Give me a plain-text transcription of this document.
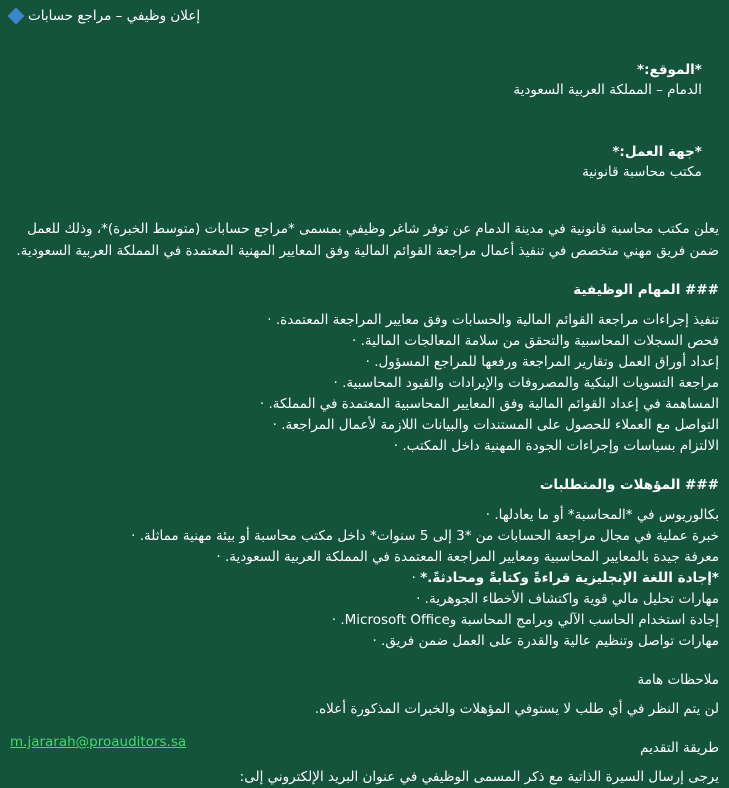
إعلان وظيفي – مراجع حسابات

*الموقع:*
الدمام – المملكة العربية السعودية

*جهة العمل:*
مكتب محاسبة قانونية

يعلن مكتب محاسبة قانونية في مدينة الدمام عن توفر شاغر وظيفي بمسمى *مراجع حسابات (متوسط الخبرة)*، وذلك للعمل ضمن فريق مهني متخصص في تنفيذ أعمال مراجعة القوائم المالية وفق المعايير المهنية المعتمدة في المملكة العربية السعودية.
### المهام الوظيفية
تنفيذ إجراءات مراجعة القوائم المالية والحسابات وفق معايير المراجعة المعتمدة. ·
فحص السجلات المحاسبية والتحقق من سلامة المعالجات المالية. ·
إعداد أوراق العمل وتقارير المراجعة ورفعها للمراجع المسؤول. ·
مراجعة التسويات البنكية والمصروفات والإيرادات والقيود المحاسبية. ·
المساهمة في إعداد القوائم المالية وفق المعايير المحاسبية المعتمدة في المملكة. ·
التواصل مع العملاء للحصول على المستندات والبيانات اللازمة لأعمال المراجعة. ·
الالتزام بسياسات وإجراءات الجودة المهنية داخل المكتب. ·
### المؤهلات والمتطلبات
بكالوريوس في *المحاسبة* أو ما يعادلها. ·
خبرة عملية في مجال مراجعة الحسابات من *3 إلى 5 سنوات* داخل مكتب محاسبة أو بيئة مهنية مماثلة. ·
معرفة جيدة بالمعايير المحاسبية ومعايير المراجعة المعتمدة في المملكة العربية السعودية. ·
*إجادة اللغة الإنجليزية قراءةً وكتابةً ومحادثةً.* ·
مهارات تحليل مالي قوية واكتشاف الأخطاء الجوهرية. ·
إجادة استخدام الحاسب الآلي وبرامج المحاسبة وMicrosoft Office. ·
مهارات تواصل وتنظيم عالية والقدرة على العمل ضمن فريق. ·
ملاحظات هامة
لن يتم النظر في أي طلب لا يستوفي المؤهلات والخبرات المذكورة أعلاه.
طريقة التقديم
يرجى إرسال السيرة الذاتية مع ذكر المسمى الوظيفي في عنوان البريد الإلكتروني إلى:
m.jararah@proauditors.sa
